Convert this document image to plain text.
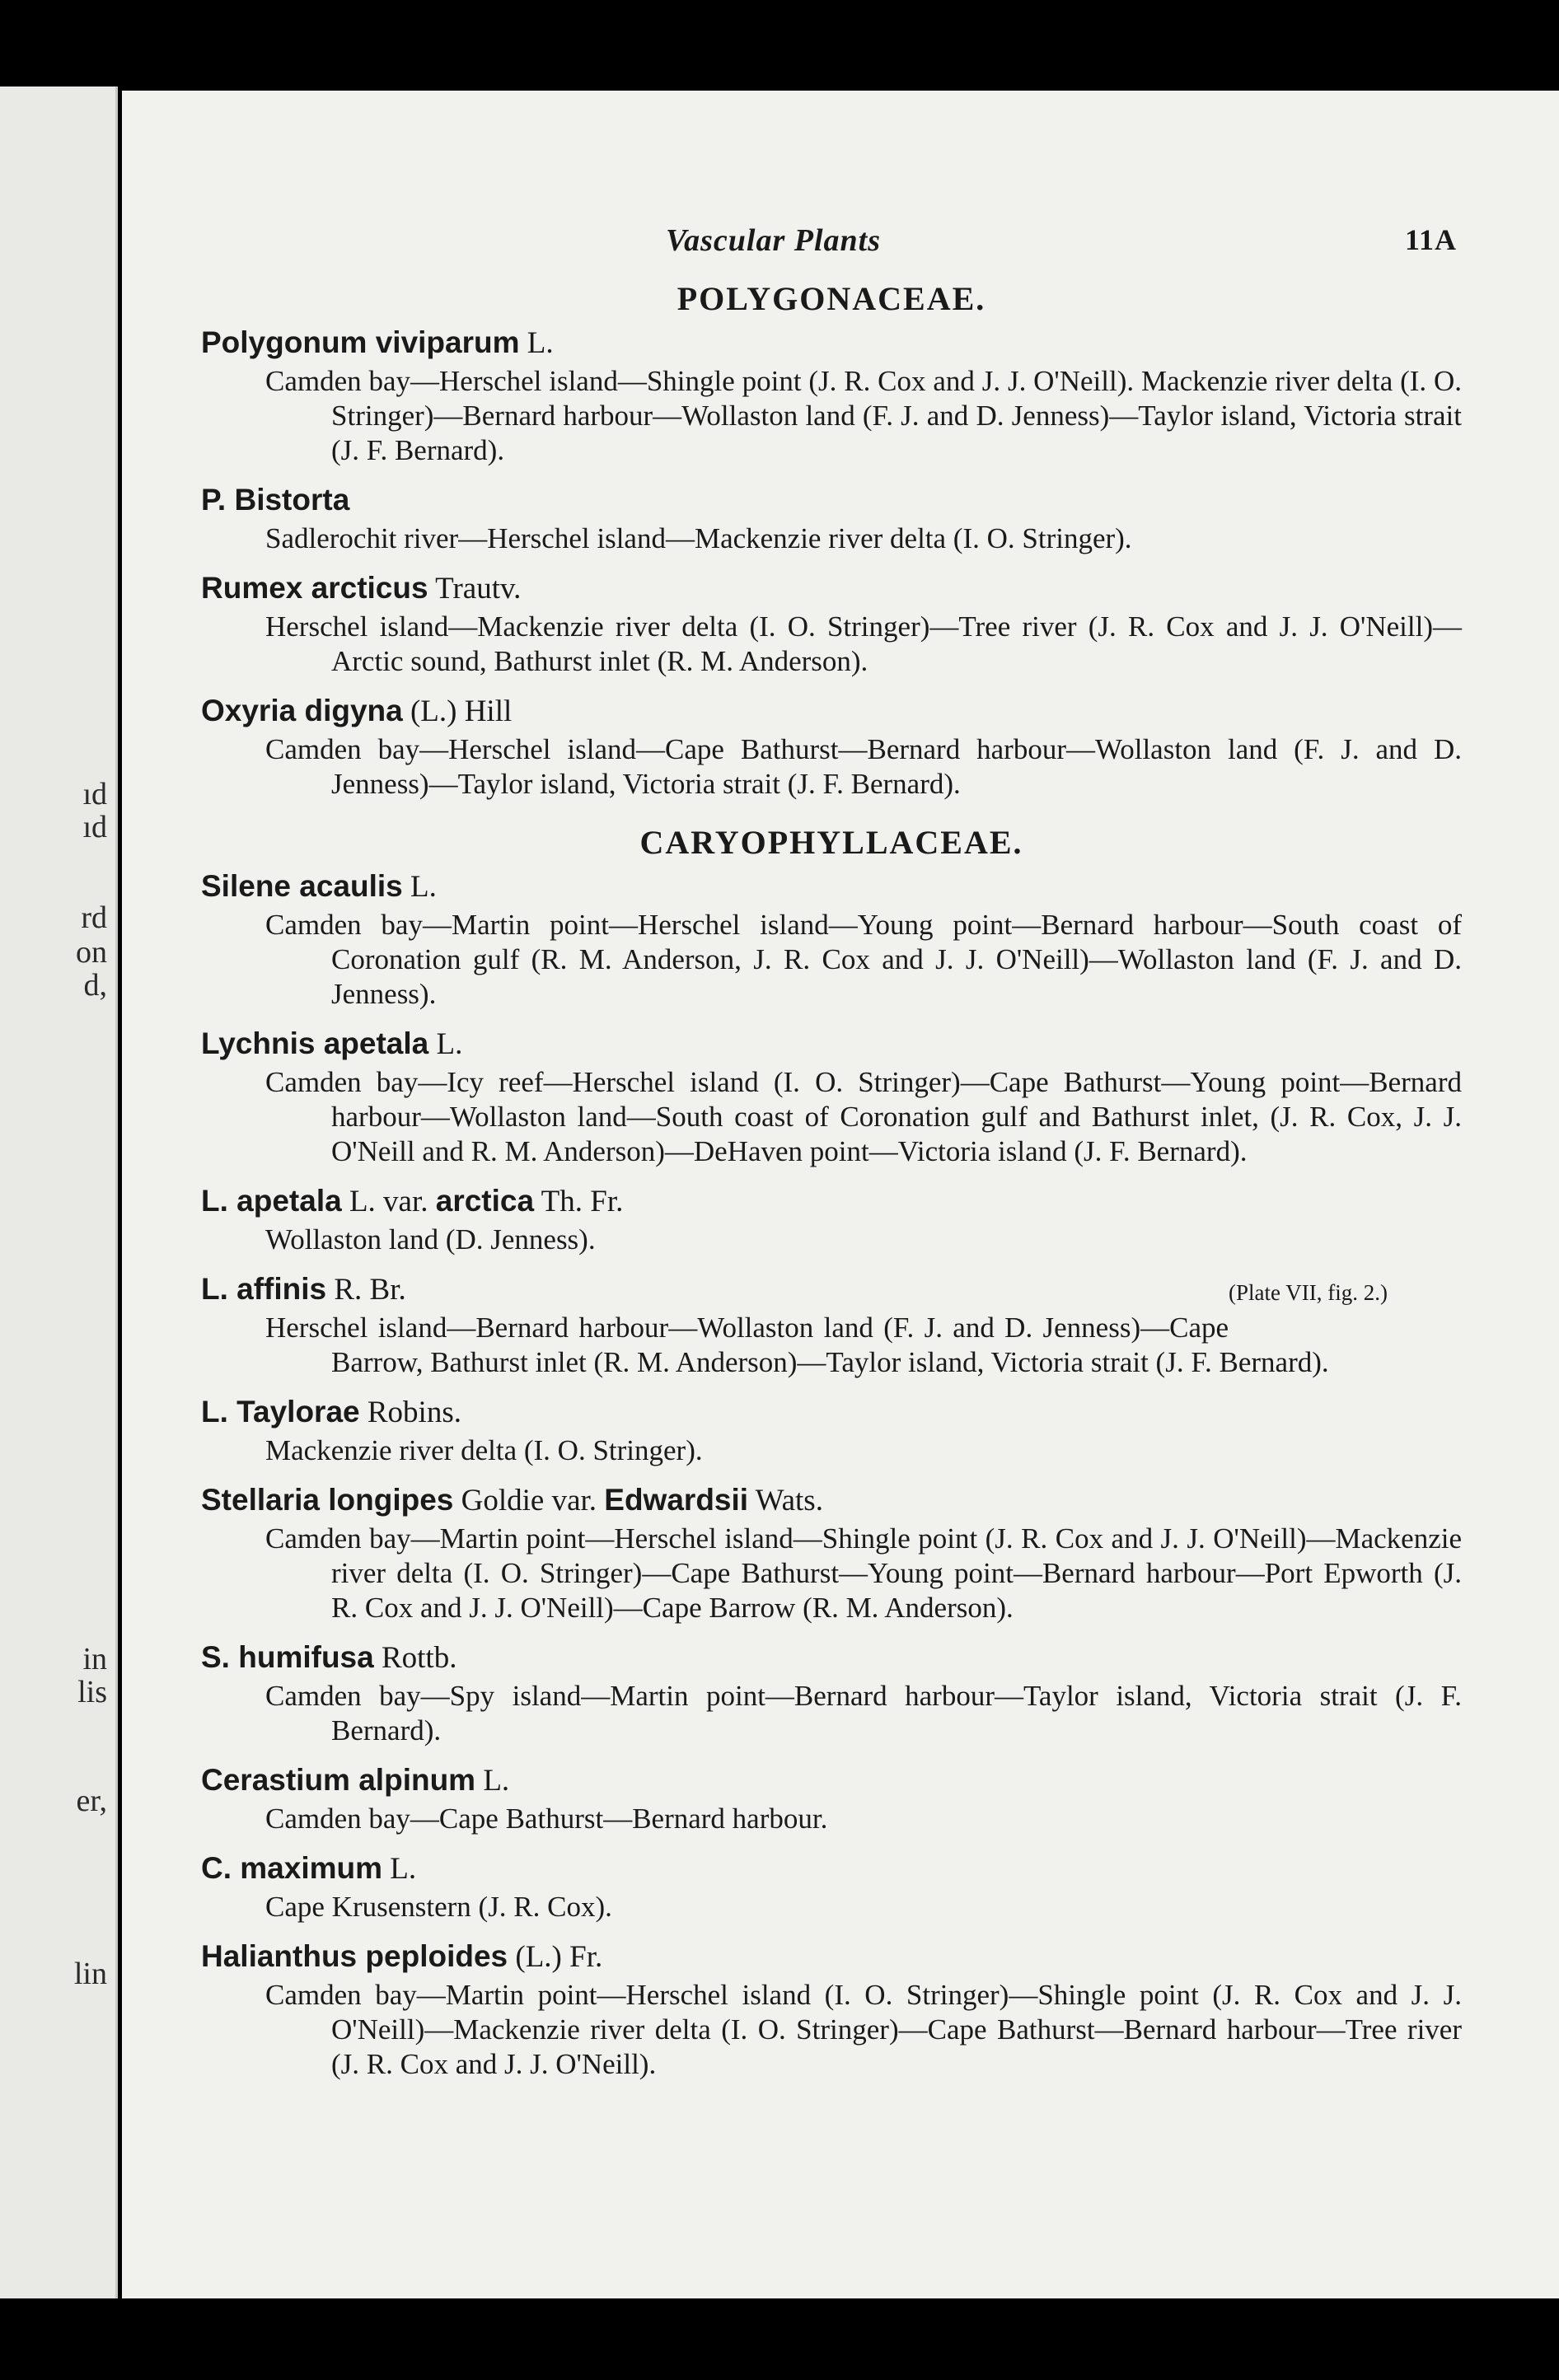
ıd
ıd
rd
on
d,
in
lis
er,
lin
Vascular Plants	11A
POLYGONACEAE.

Polygonum viviparum L.

Camden bay—Herschel island—Shingle point (J. R. Cox and J. J. O'Neill). Mackenzie river delta (I. O. Stringer)—Bernard harbour—Wollaston land (F. J. and D. Jenness)—Taylor island, Victoria strait (J. F. Bernard).

P. Bistorta

Sadlerochit river—Herschel island—Mackenzie river delta (I. O. Stringer).

Rumex arcticus Trautv.

Herschel island—Mackenzie river delta (I. O. Stringer)—Tree river (J. R. Cox and J. J. O'Neill)—Arctic sound, Bathurst inlet (R. M. Anderson).

Oxyria digyna (L.) Hill

Camden bay—Herschel island—Cape Bathurst—Bernard harbour—Wollaston land (F. J. and D. Jenness)—Taylor island, Victoria strait (J. F. Bernard).

CARYOPHYLLACEAE.

Silene acaulis L.

Camden bay—Martin point—Herschel island—Young point—Bernard harbour—South coast of Coronation gulf (R. M. Anderson, J. R. Cox and J. J. O'Neill)—Wollaston land (F. J. and D. Jenness).

Lychnis apetala L.

Camden bay—Icy reef—Herschel island (I. O. Stringer)—Cape Bathurst—Young point—Bernard harbour—Wollaston land—South coast of Coronation gulf and Bathurst inlet, (J. R. Cox, J. J. O'Neill and R. M. Anderson)—DeHaven point—Victoria island (J. F. Bernard).

L. apetala L. var. arctica Th. Fr.

Wollaston land (D. Jenness).

(Plate VII, fig. 2.)
L. affinis R. Br.

Herschel island—Bernard harbour—Wollaston land (F. J. and D. Jenness)—Cape Barrow, Bathurst inlet (R. M. Anderson)—Taylor island, Victoria strait (J. F. Bernard).

L. Taylorae Robins.

Mackenzie river delta (I. O. Stringer).

Stellaria longipes Goldie var. Edwardsii Wats.

Camden bay—Martin point—Herschel island—Shingle point (J. R. Cox and J. J. O'Neill)—Mackenzie river delta (I. O. Stringer)—Cape Bathurst—Young point—Bernard harbour—Port Epworth (J. R. Cox and J. J. O'Neill)—Cape Barrow (R. M. Anderson).

S. humifusa Rottb.

Camden bay—Spy island—Martin point—Bernard harbour—Taylor island, Victoria strait (J. F. Bernard).

Cerastium alpinum L.

Camden bay—Cape Bathurst—Bernard harbour.

C. maximum L.

Cape Krusenstern (J. R. Cox).

Halianthus peploides (L.) Fr.

Camden bay—Martin point—Herschel island (I. O. Stringer)—Shingle point (J. R. Cox and J. J. O'Neill)—Mackenzie river delta (I. O. Stringer)—Cape Bathurst—Bernard harbour—Tree river (J. R. Cox and J. J. O'Neill).
